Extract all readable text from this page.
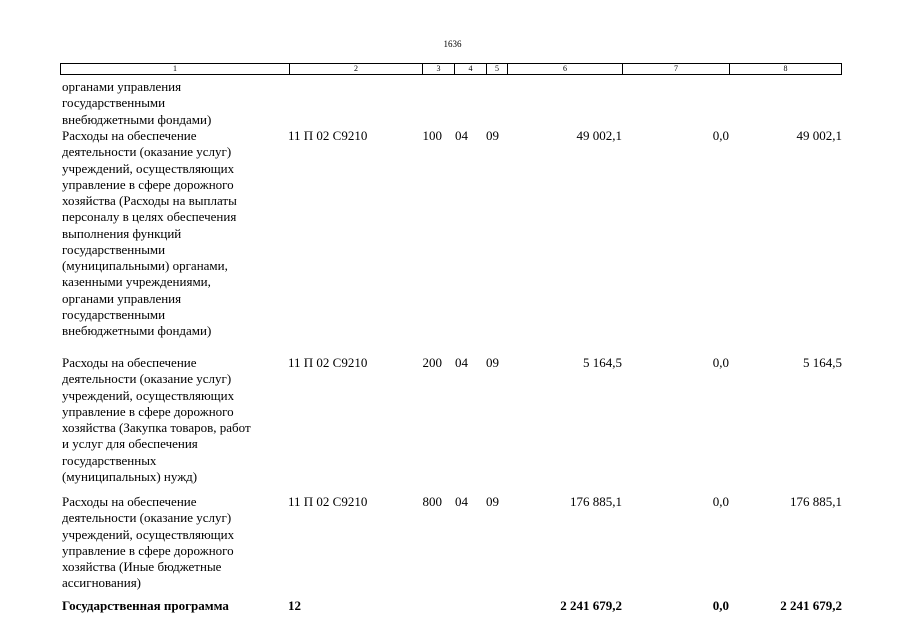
1636
1	2	3	4	5	6	7	8
органами управления
государственными
внебюджетными фондами)
Расходы на обеспечение
деятельности (оказание услуг)
учреждений, осуществляющих
управление в сфере дорожного
хозяйства (Расходы на выплаты
персоналу в целях обеспечения
выполнения функций
государственными
(муниципальными) органами,
казенными учреждениями,
органами управления
государственными
внебюджетными фондами)
11 П 02 С9210	100 04 09	49 002,1	0,0	49 002,1
Расходы на обеспечение
деятельности (оказание услуг)
учреждений, осуществляющих
управление в сфере дорожного
хозяйства (Закупка товаров, работ
и услуг для обеспечения
государственных
(муниципальных) нужд)
11 П 02 С9210	200 04 09	5 164,5	0,0	5 164,5
Расходы на обеспечение
деятельности (оказание услуг)
учреждений, осуществляющих
управление в сфере дорожного
хозяйства (Иные бюджетные
ассигнования)
11 П 02 С9210	800 04 09	176 885,1	0,0	176 885,1
Государственная программа	12	2 241 679,2	0,0	2 241 679,2
